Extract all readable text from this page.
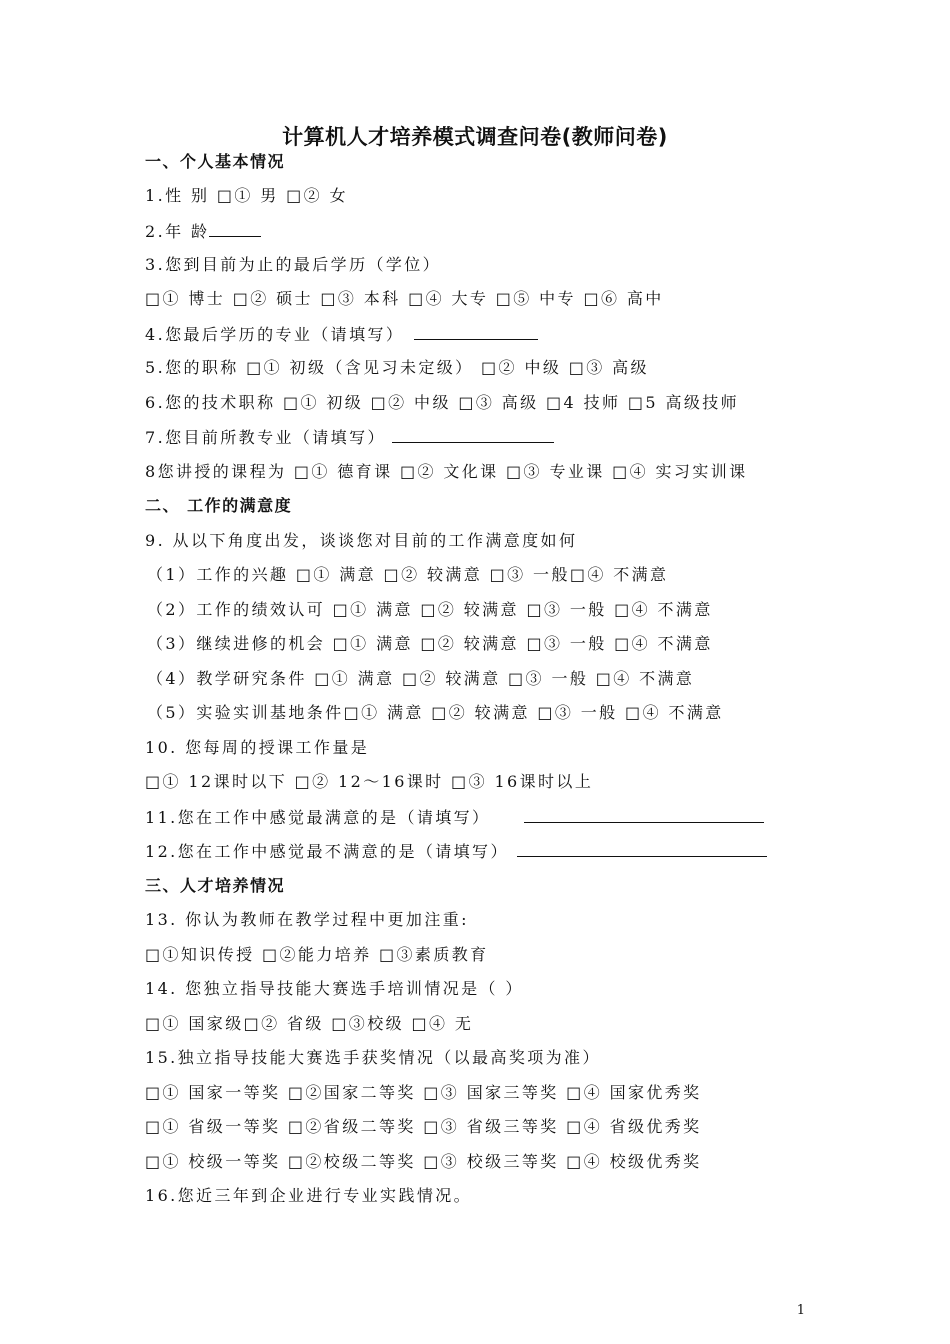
计算机人才培养模式调查问卷(教师问卷)
一、个人基本情况
1.性 别 □① 男 □② 女
2.年 龄
3.您到目前为止的最后学历（学位）
□① 博士 □② 硕士 □③ 本科 □④ 大专 □⑤ 中专 □⑥ 高中
4.您最后学历的专业（请填写）
5.您的职称 □① 初级（含见习未定级） □② 中级 □③ 高级
6.您的技术职称 □① 初级 □② 中级 □③ 高级 □4 技师 □5 高级技师
7.您目前所教专业（请填写）
8您讲授的课程为 □① 德育课 □② 文化课 □③ 专业课 □④ 实习实训课
二、 工作的满意度
9. 从以下角度出发，谈谈您对目前的工作满意度如何
（1）工作的兴趣 □① 满意 □② 较满意 □③ 一般□④ 不满意
（2）工作的绩效认可 □① 满意 □② 较满意 □③ 一般 □④ 不满意
（3）继续进修的机会 □① 满意 □② 较满意 □③ 一般 □④ 不满意
（4）教学研究条件 □① 满意 □② 较满意 □③ 一般 □④ 不满意
（5）实验实训基地条件□① 满意 □② 较满意 □③ 一般 □④ 不满意
10. 您每周的授课工作量是
□① 12课时以下 □② 12～16课时 □③ 16课时以上
11.您在工作中感觉最满意的是（请填写）
12.您在工作中感觉最不满意的是（请填写）
三、人才培养情况
13. 你认为教师在教学过程中更加注重:
□①知识传授 □②能力培养 □③素质教育
14. 您独立指导技能大赛选手培训情况是（ ）
□① 国家级□② 省级 □③校级 □④ 无
15.独立指导技能大赛选手获奖情况（以最高奖项为准）
□① 国家一等奖 □②国家二等奖 □③ 国家三等奖 □④ 国家优秀奖
□① 省级一等奖 □②省级二等奖 □③ 省级三等奖 □④ 省级优秀奖
□① 校级一等奖 □②校级二等奖 □③ 校级三等奖 □④ 校级优秀奖
16.您近三年到企业进行专业实践情况。
1
